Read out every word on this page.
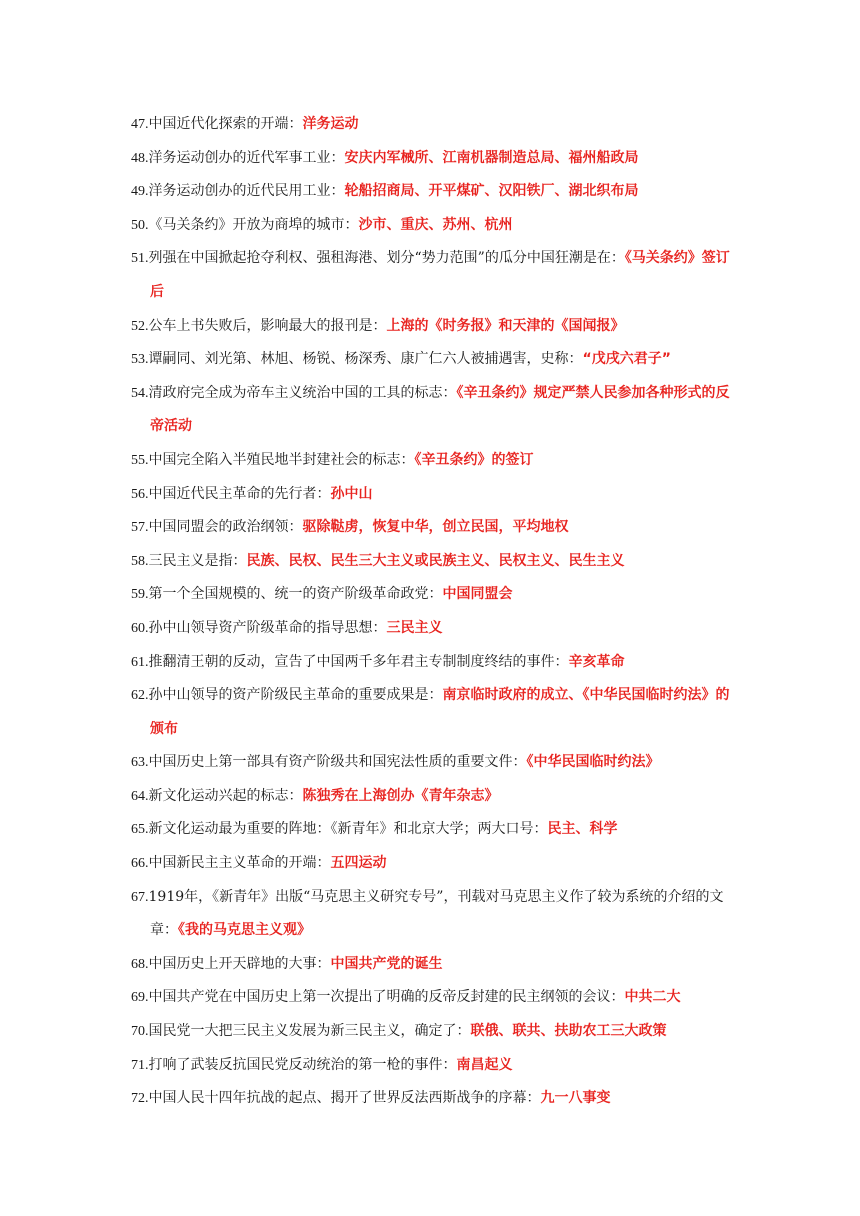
47.中国近代化探索的开端：洋务运动
48.洋务运动创办的近代军事工业：安庆内军械所、江南机器制造总局、福州船政局
49.洋务运动创办的近代民用工业：轮船招商局、开平煤矿、汉阳铁厂、湖北织布局
50.《马关条约》开放为商埠的城市：沙市、重庆、苏州、杭州
51.列强在中国掀起抢夺利权、强租海港、划分“势力范围”的瓜分中国狂潮是在：《马关条约》签订后
52.公车上书失败后，影响最大的报刊是：上海的《时务报》和天津的《国闻报》
53.谭嗣同、刘光第、林旭、杨锐、杨深秀、康广仁六人被捕遇害，史称：“戊戌六君子”
54.清政府完全成为帝车主义统治中国的工具的标志：《辛丑条约》规定严禁人民参加各种形式的反帝活动
55.中国完全陷入半殖民地半封建社会的标志：《辛丑条约》的签订
56.中国近代民主革命的先行者：孙中山
57.中国同盟会的政治纲领：驱除鞑虏，恢复中华，创立民国，平均地权
58.三民主义是指：民族、民权、民生三大主义或民族主义、民权主义、民生主义
59.第一个全国规模的、统一的资产阶级革命政党：中国同盟会
60.孙中山领导资产阶级革命的指导思想：三民主义
61.推翻清王朝的反动，宣告了中国两千多年君主专制制度终结的事件：辛亥革命
62.孙中山领导的资产阶级民主革命的重要成果是：南京临时政府的成立、《中华民国临时约法》的颁布
63.中国历史上第一部具有资产阶级共和国宪法性质的重要文件：《中华民国临时约法》
64.新文化运动兴起的标志：陈独秀在上海创办《青年杂志》
65.新文化运动最为重要的阵地：《新青年》和北京大学；两大口号：民主、科学
66.中国新民主主义革命的开端：五四运动
67.1919年，《新青年》出版“马克思主义研究专号”，刊载对马克思主义作了较为系统的介绍的文章：《我的马克思主义观》
68.中国历史上开天辟地的大事：中国共产党的诞生
69.中国共产党在中国历史上第一次提出了明确的反帝反封建的民主纲领的会议：中共二大
70.国民党一大把三民主义发展为新三民主义，确定了：联俄、联共、扶助农工三大政策
71.打响了武装反抗国民党反动统治的第一枪的事件：南昌起义
72.中国人民十四年抗战的起点、揭开了世界反法西斯战争的序幕：九一八事变
